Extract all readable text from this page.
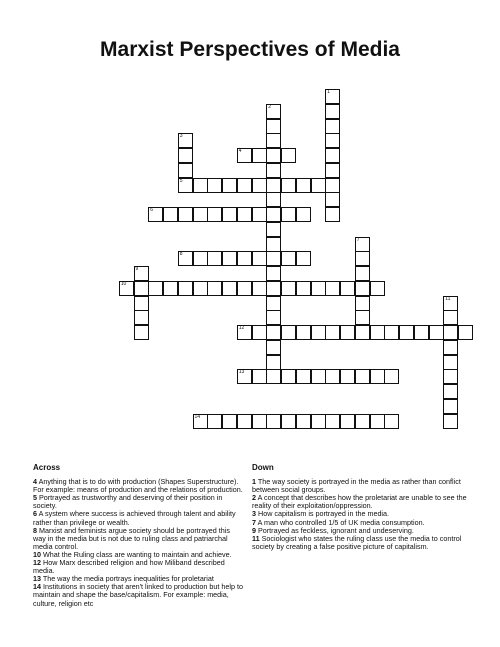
Marxist Perspectives of Media
1
2
3
5
4
6
7
8
9
10
11
12
13
14
Across

4 Anything that is to do with production (Shapes Superstructure). For example: means of production and the relations of production.

5 Portrayed as trustworthy and deserving of their position in society.

6 A system where success is achieved through talent and ability rather than privilege or wealth.

8 Marxist and feminists argue society should be portrayed this way in the media but is not due to ruling class and patriarchal media control.

10 What the Ruling class are wanting to maintain and achieve.

12 How Marx described religion and how Miliband described media.

13 The way the media portrays inequalities for proletariat

14 Institutions in society that aren't linked to production but help to maintain and shape the base/capitalism. For example: media, culture, religion etc

Down

1 The way society is portrayed in the media as rather than conflict between social groups.

2 A concept that describes how the proletariat are unable to see the reality of their exploitation/oppression.

3 How capitalism is portrayed in the media.

7 A man who controlled 1/5 of UK media consumption.

9 Portrayed as feckless, ignorant and undeserving.

11 Sociologist who states the ruling class use the media to control society by creating a false positive picture of capitalism.
